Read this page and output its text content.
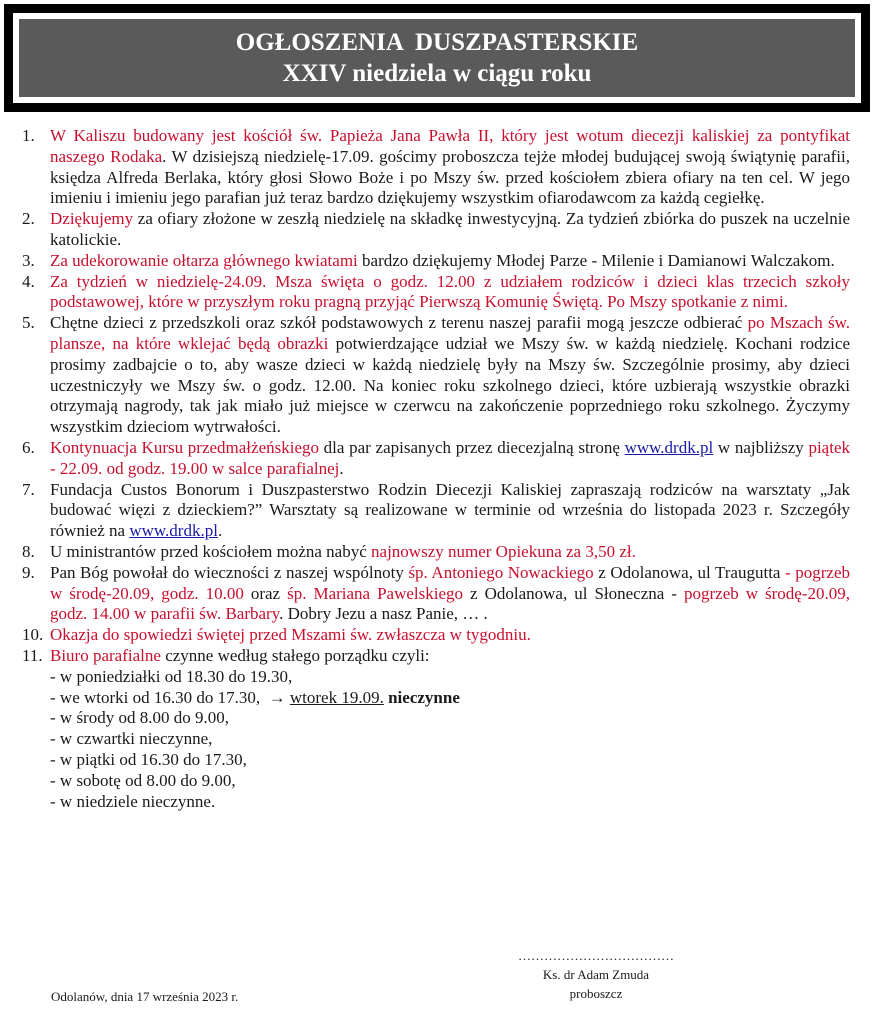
OGŁOSZENIA  DUSZPASTERSKIE
XXIV niedziela w ciągu roku
1. W Kaliszu budowany jest kościół św. Papieża Jana Pawła II, który jest wotum diecezji kaliskiej za pontyfikat naszego Rodaka. W dzisiejszą niedzielę-17.09. gościmy proboszcza tejże młodej budującej swoją świątynię parafii, księdza Alfreda Berlaka, który głosi Słowo Boże i po Mszy św. przed kościołem zbiera ofiary na ten cel. W jego imieniu i imieniu jego parafian już teraz bardzo dziękujemy wszystkim ofiarodawcom za każdą cegiełkę.
2. Dziękujemy za ofiary złożone w zeszłą niedzielę na składkę inwestycyjną. Za tydzień zbiórka do puszek na uczelnie katolickie.
3. Za udekorowanie ołtarza głównego kwiatami bardzo dziękujemy Młodej Parze - Milenie i Damianowi Walczakom.
4. Za tydzień w niedzielę-24.09. Msza święta o godz. 12.00 z udziałem rodziców i dzieci klas trzecich szkoły podstawowej, które w przyszłym roku pragną przyjąć Pierwszą Komunię Świętą. Po Mszy spotkanie z nimi.
5. Chętne dzieci z przedszkoli oraz szkół podstawowych z terenu naszej parafii mogą jeszcze odbierać po Mszach św. plansze, na które wklejać będą obrazki potwierdzające udział we Mszy św. w każdą niedzielę. Kochani rodzice prosimy zadbajcie o to, aby wasze dzieci w każdą niedzielę były na Mszy św. Szczególnie prosimy, aby dzieci uczestniczyły we Mszy św. o godz. 12.00. Na koniec roku szkolnego dzieci, które uzbierają wszystkie obrazki otrzymają nagrody, tak jak miało już miejsce w czerwcu na zakończenie poprzedniego roku szkolnego. Życzymy wszystkim dzieciom wytrwałości.
6. Kontynuacja Kursu przedmałżeńskiego dla par zapisanych przez diecezjalną stronę www.drdk.pl w najbliższy piątek - 22.09. od godz. 19.00 w salce parafialnej.
7. Fundacja Custos Bonorum i Duszpasterstwo Rodzin Diecezji Kaliskiej zapraszają rodziców na warsztaty „Jak budować więzi z dzieckiem?” Warsztaty są realizowane w terminie od września do listopada 2023 r. Szczegóły również na www.drdk.pl.
8. U ministrantów przed kościołem można nabyć najnowszy numer Opiekuna za 3,50 zł.
9. Pan Bóg powołał do wieczności z naszej wspólnoty śp. Antoniego Nowackiego z Odolanowa, ul Traugutta - pogrzeb w środę-20.09, godz. 10.00 oraz śp. Mariana Pawelskiego z Odolanowa, ul Słoneczna - pogrzeb w środę-20.09, godz. 14.00 w parafii św. Barbary. Dobry Jezu a nasz Panie, … .
10. Okazja do spowiedzi świętej przed Mszami św. zwłaszcza w tygodniu.
11. Biuro parafialne czynne według stałego porządku czyli:
- w poniedziałki od 18.30 do 19.30,
- we wtorki od 16.30 do 17.30, → wtorek 19.09. nieczynne
- w środy od 8.00 do 9.00,
- w czwartki nieczynne,
- w piątki od 16.30 do 17.30,
- w sobotę od 8.00 do 9.00,
- w niedziele nieczynne.
………………………………
Ks. dr Adam Zmuda
proboszcz
Odolanów, dnia 17 września 2023 r.
